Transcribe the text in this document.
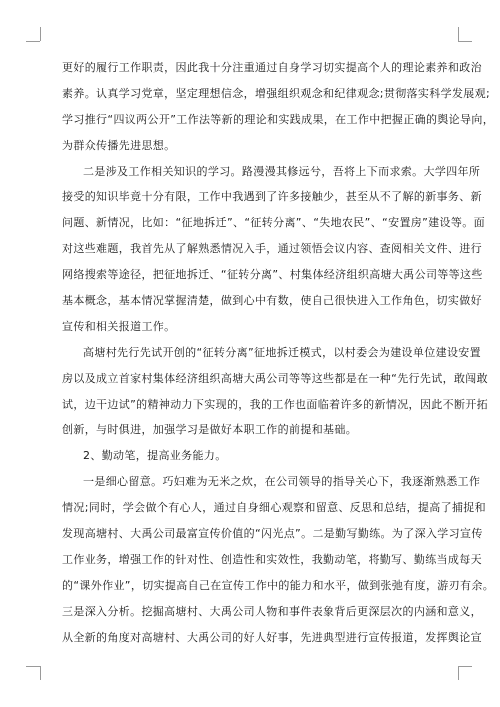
更好的履行工作职责，因此我十分注重通过自身学习切实提高个人的理论素养和政治
素养。认真学习党章，坚定理想信念，增强组织观念和纪律观念;贯彻落实科学发展观;
学习推行“四议两公开”工作法等新的理论和实践成果，在工作中把握正确的舆论导向，
为群众传播先进思想。
二是涉及工作相关知识的学习。路漫漫其修远兮，吾将上下而求索。大学四年所
接受的知识毕竟十分有限，工作中我遇到了许多接触少，甚至从不了解的新事务、新
问题、新情况，比如：“征地拆迁”、“征转分离”、“失地农民”、“安置房”建设等。面
对这些难题，我首先从了解熟悉情况入手，通过领悟会议内容、查阅相关文件、进行
网络搜索等途径，把征地拆迁、“征转分离”、村集体经济组织高塘大禹公司等等这些
基本概念，基本情况掌握清楚，做到心中有数，使自己很快进入工作角色，切实做好
宣传和相关报道工作。
高塘村先行先试开创的“征转分离”征地拆迁模式，以村委会为建设单位建设安置
房以及成立首家村集体经济组织高塘大禹公司等等这些都是在一种“先行先试，敢闯敢
试，边干边试”的精神动力下实现的，我的工作也面临着许多的新情况，因此不断开拓
创新，与时俱进，加强学习是做好本职工作的前提和基础。
2、勤动笔，提高业务能力。
一是细心留意。巧妇难为无米之炊，在公司领导的指导关心下，我逐渐熟悉工作
情况;同时，学会做个有心人，通过自身细心观察和留意、反思和总结，提高了捕捉和
发现高塘村、大禹公司最富宣传价值的“闪光点”。二是勤写勤练。为了深入学习宣传
工作业务，增强工作的针对性、创造性和实效性，我勤动笔，将勤写、勤练当成每天
的“课外作业”，切实提高自己在宣传工作中的能力和水平，做到张弛有度，游刃有余。
三是深入分析。挖掘高塘村、大禹公司人物和事件表象背后更深层次的内涵和意义，
从全新的角度对高塘村、大禹公司的好人好事，先进典型进行宣传报道，发挥舆论宣
